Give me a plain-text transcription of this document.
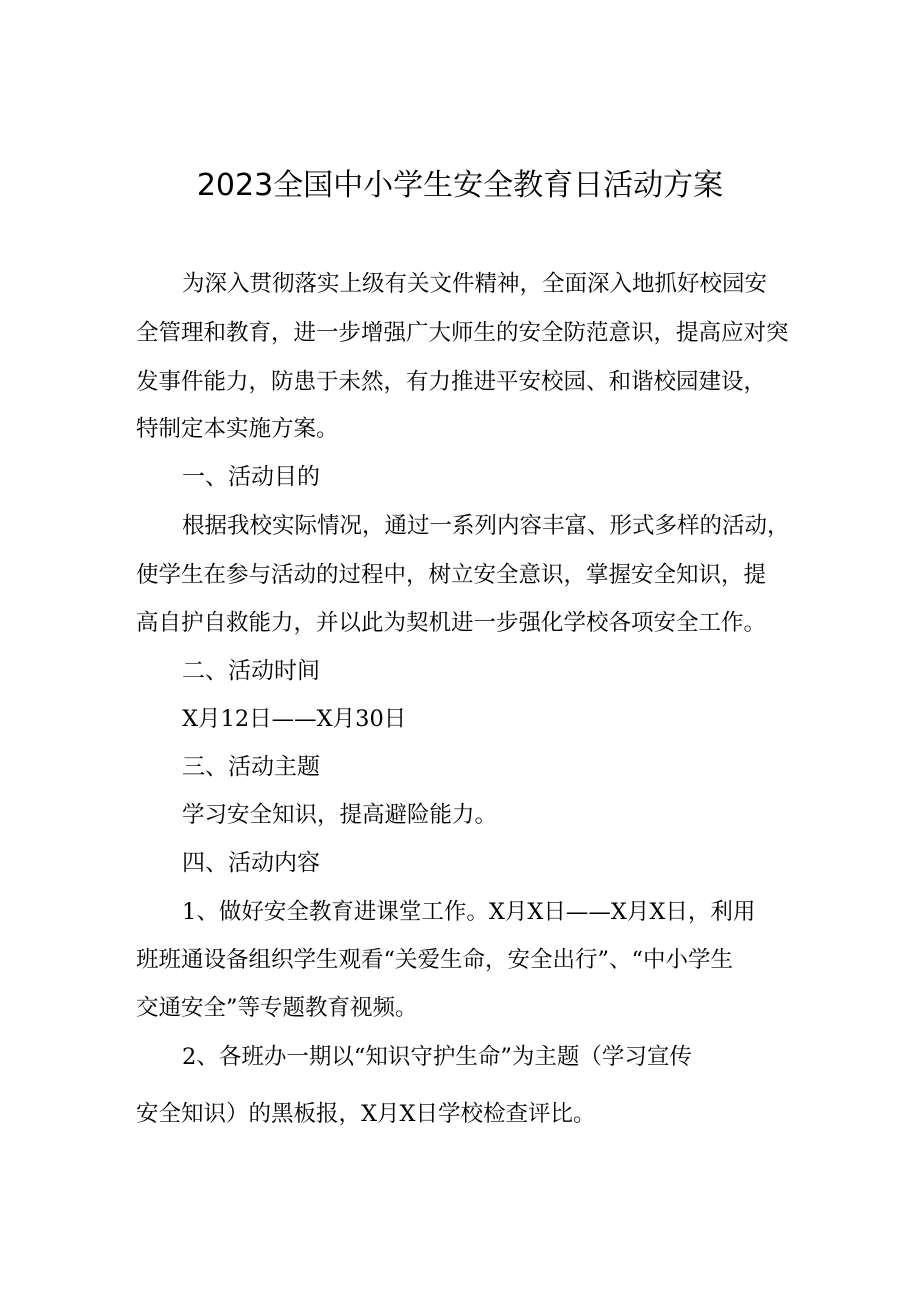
2023全国中小学生安全教育日活动方案
为深入贯彻落实上级有关文件精神，全面深入地抓好校园安
全管理和教育，进一步增强广大师生的安全防范意识，提高应对突
发事件能力，防患于未然，有力推进平安校园、和谐校园建设，
特制定本实施方案。
一、活动目的
根据我校实际情况，通过一系列内容丰富、形式多样的活动，
使学生在参与活动的过程中，树立安全意识，掌握安全知识，提
高自护自救能力，并以此为契机进一步强化学校各项安全工作。
二、活动时间
X月12日——X月30日
三、活动主题
学习安全知识，提高避险能力。
四、活动内容
1、做好安全教育进课堂工作。X月X日——X月X日，利用
班班通设备组织学生观看“关爱生命，安全出行”、“中小学生
交通安全”等专题教育视频。
2、各班办一期以“知识守护生命”为主题（学习宣传
安全知识）的黑板报，X月X日学校检查评比。
